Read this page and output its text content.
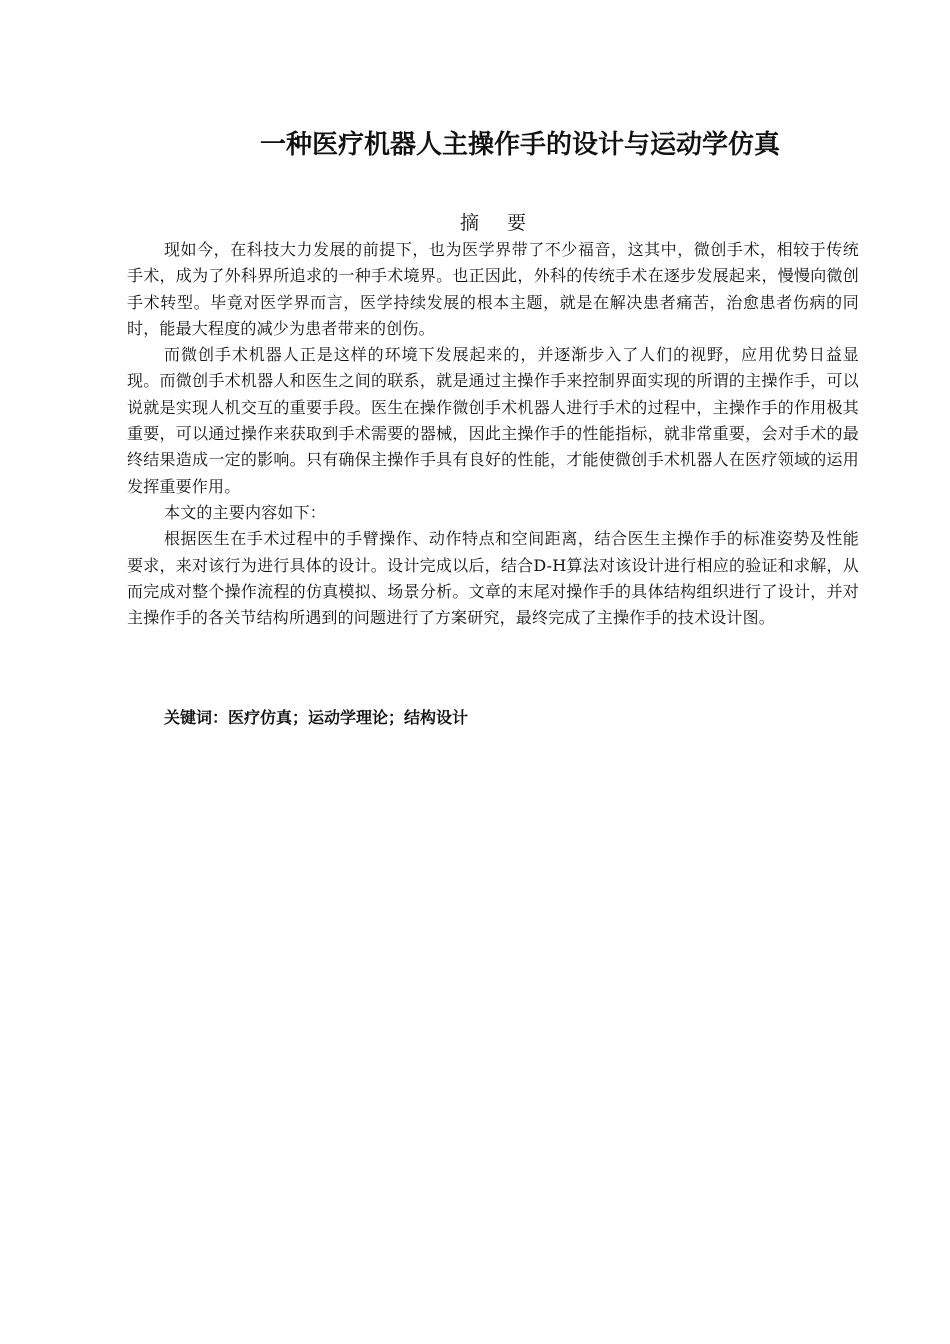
一种医疗机器人主操作手的设计与运动学仿真
摘要

现如今，在科技大力发展的前提下，也为医学界带了不少福音，这其中，微创手术，相较于传统手术，成为了外科界所追求的一种手术境界。也正因此，外科的传统手术在逐步发展起来，慢慢向微创手术转型。毕竟对医学界而言，医学持续发展的根本主题，就是在解决患者痛苦，治愈患者伤病的同时，能最大程度的减少为患者带来的创伤。

而微创手术机器人正是这样的环境下发展起来的，并逐渐步入了人们的视野，应用优势日益显现。而微创手术机器人和医生之间的联系，就是通过主操作手来控制界面实现的所谓的主操作手，可以说就是实现人机交互的重要手段。医生在操作微创手术机器人进行手术的过程中，主操作手的作用极其重要，可以通过操作来获取到手术需要的器械，因此主操作手的性能指标，就非常重要，会对手术的最终结果造成一定的影响。只有确保主操作手具有良好的性能，才能使微创手术机器人在医疗领域的运用发挥重要作用。

本文的主要内容如下：

根据医生在手术过程中的手臂操作、动作特点和空间距离，结合医生主操作手的标准姿势及性能要求，来对该行为进行具体的设计。设计完成以后，结合D-H算法对该设计进行相应的验证和求解，从而完成对整个操作流程的仿真模拟、场景分析。文章的末尾对操作手的具体结构组织进行了设计，并对主操作手的各关节结构所遇到的问题进行了方案研究，最终完成了主操作手的技术设计图。

关键词：医疗仿真；运动学理论；结构设计
